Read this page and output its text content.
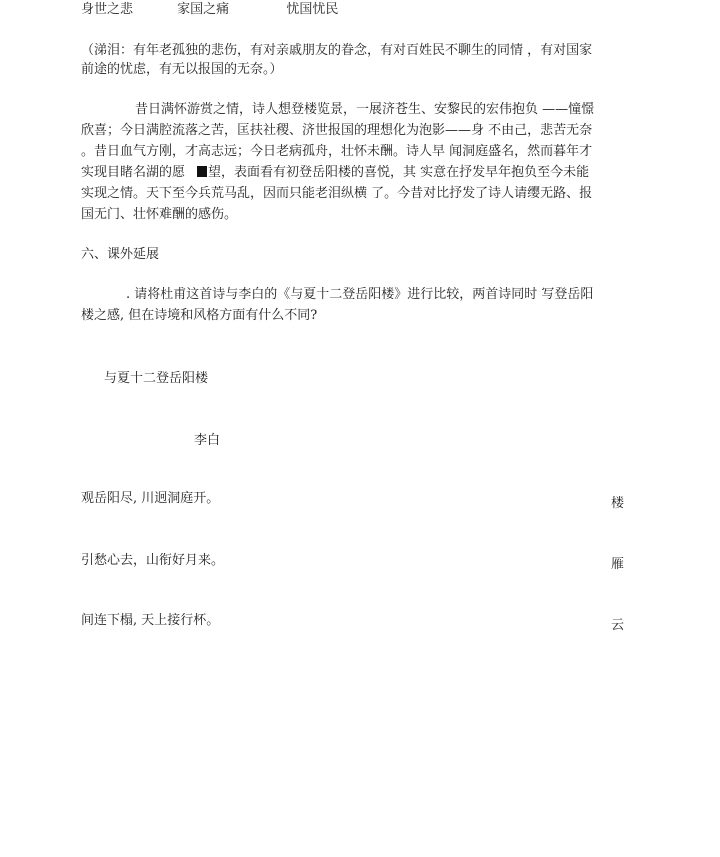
身世之悲	家国之痛	忧国忧民
（涕泪：有年老孤独的悲伤，有对亲戚朋友的眷念，有对百姓民不聊生的同情 ，有对国家
前途的忧虑，有无以报国的无奈。）
昔日满怀游赏之情，诗人想登楼览景，一展济苍生、安黎民的宏伟抱负 ——憧憬
欣喜；今日满腔流落之苦，匡扶社稷、济世报国的理想化为泡影——身 不由己，悲苦无奈
。昔日血气方刚，才高志远；今日老病孤舟，壮怀未酬。诗人早 闻洞庭盛名，然而暮年才
实现目睹名湖的愿 望，表面看有初登岳阳楼的喜悦，其 实意在抒发早年抱负至今未能
实现之情。天下至今兵荒马乱，因而只能老泪纵横 了。今昔对比抒发了诗人请缨无路、报
国无门、壮怀难酬的感伤。
六、课外延展
. 请将杜甫这首诗与李白的《与夏十二登岳阳楼》进行比较，两首诗同时 写登岳阳
楼之感, 但在诗境和风格方面有什么不同?
与夏十二登岳阳楼
李白
观岳阳尽, 川迥洞庭开。	楼
引愁心去，山衔好月来。	雁
间连下榻, 天上接行杯。	云
